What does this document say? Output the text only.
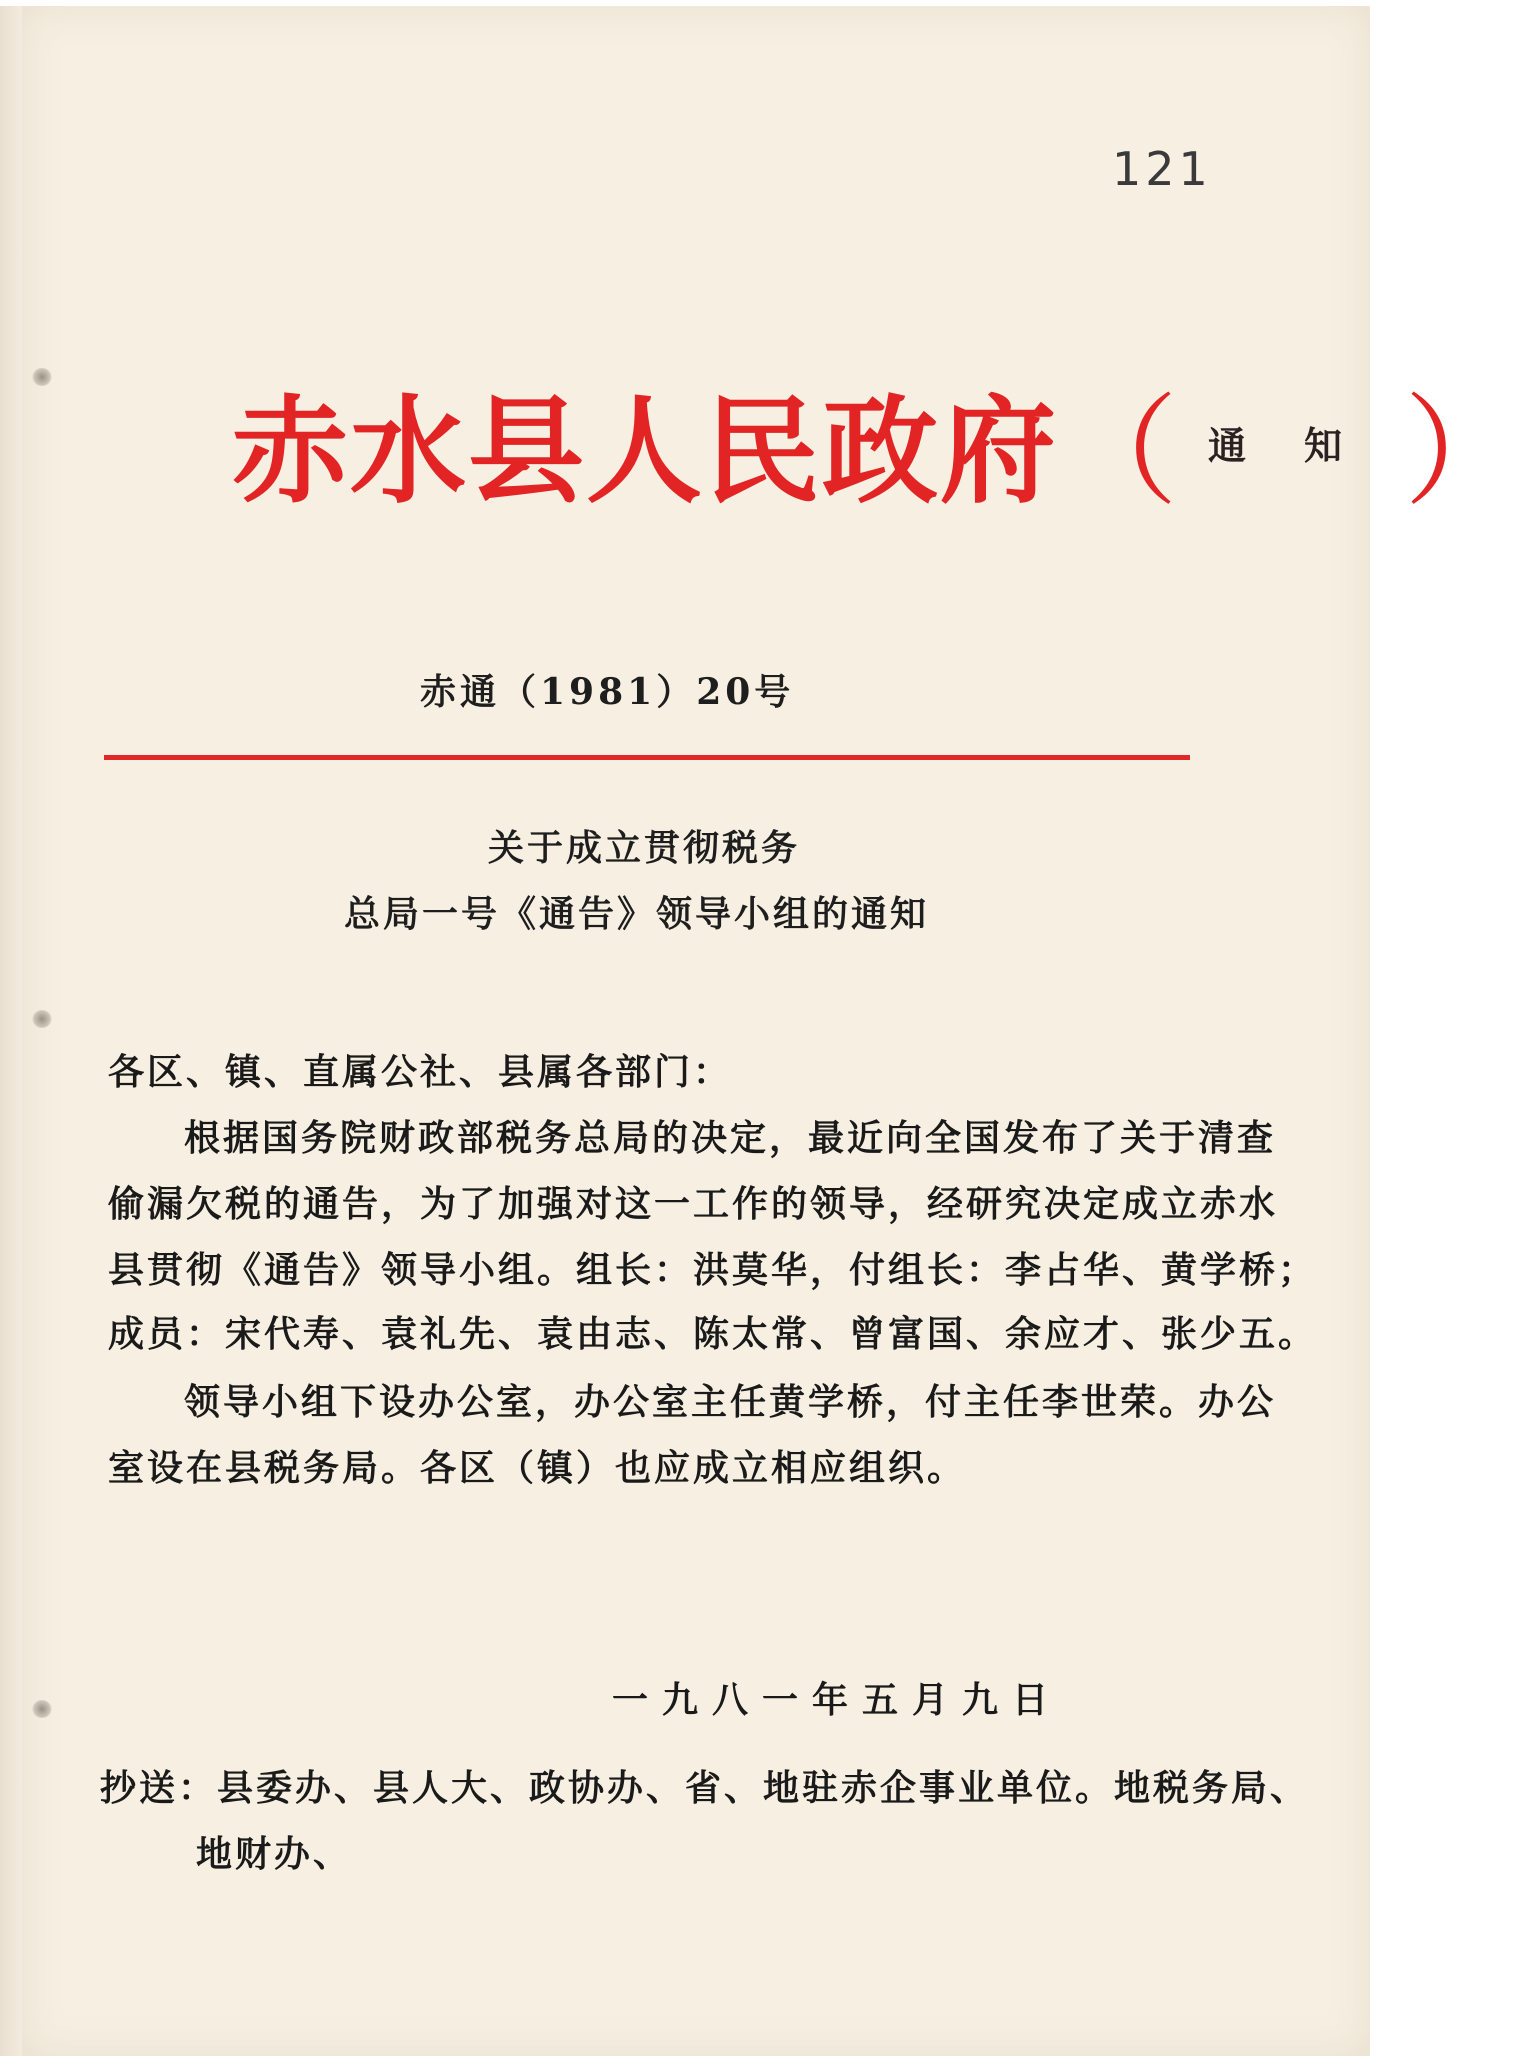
121
赤水县人民政府（ 通知）
赤通（1981）20号
关于成立贯彻税务
总局一号《通告》领导小组的通知
各区、镇、直属公社、县属各部门：
根据国务院财政部税务总局的决定，最近向全国发布了关于清查
偷漏欠税的通告，为了加强对这一工作的领导，经研究决定成立赤水
县贯彻《通告》领导小组。组长：洪莫华，付组长：李占华、黄学桥；
成员：宋代寿、袁礼先、袁由志、陈太常、曾富国、余应才、张少五。
领导小组下设办公室，办公室主任黄学桥，付主任李世荣。办公
室设在县税务局。各区（镇）也应成立相应组织。
一九八一年五月九日
抄送：县委办、县人大、政协办、省、地驻赤企事业单位。地税务局、
地财办、
